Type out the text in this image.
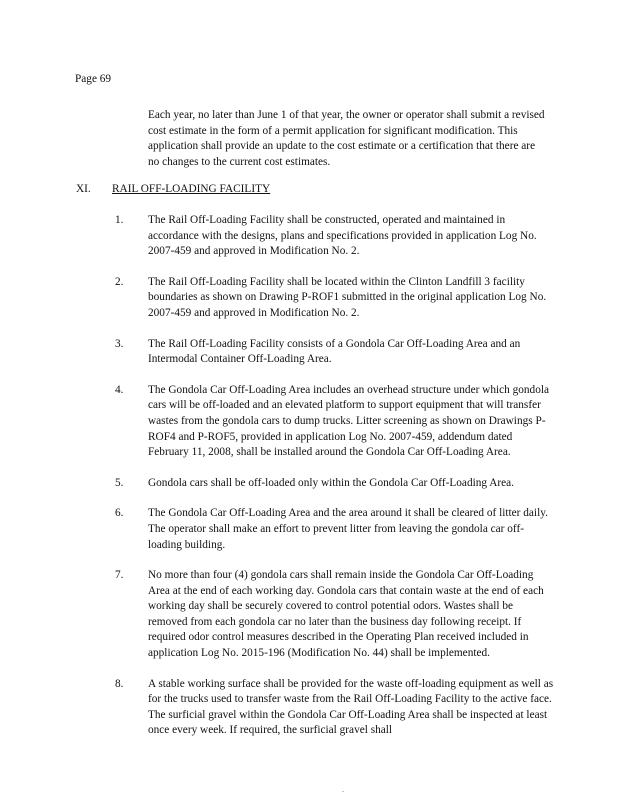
Page 69

Each year, no later than June 1 of that year, the owner or operator shall submit a revised cost estimate in the form of a permit application for significant modification. This application shall provide an update to the cost estimate or a certification that there are no changes to the current cost estimates.

XI. RAIL OFF-LOADING FACILITY
1. The Rail Off-Loading Facility shall be constructed, operated and maintained in accordance with the designs, plans and specifications provided in application Log No. 2007-459 and approved in Modification No. 2.
2. The Rail Off-Loading Facility shall be located within the Clinton Landfill 3 facility boundaries as shown on Drawing P-ROF1 submitted in the original application Log No. 2007-459 and approved in Modification No. 2.
3. The Rail Off-Loading Facility consists of a Gondola Car Off-Loading Area and an Intermodal Container Off-Loading Area.
4. The Gondola Car Off-Loading Area includes an overhead structure under which gondola cars will be off-loaded and an elevated platform to support equipment that will transfer wastes from the gondola cars to dump trucks. Litter screening as shown on Drawings P-ROF4 and P-ROF5, provided in application Log No. 2007-459, addendum dated February 11, 2008, shall be installed around the Gondola Car Off-Loading Area.
5. Gondola cars shall be off-loaded only within the Gondola Car Off-Loading Area.
6. The Gondola Car Off-Loading Area and the area around it shall be cleared of litter daily. The operator shall make an effort to prevent litter from leaving the gondola car off-loading building.
7. No more than four (4) gondola cars shall remain inside the Gondola Car Off-Loading Area at the end of each working day. Gondola cars that contain waste at the end of each working day shall be securely covered to control potential odors. Wastes shall be removed from each gondola car no later than the business day following receipt. If required odor control measures described in the Operating Plan received included in application Log No. 2015-196 (Modification No. 44) shall be implemented.
8. A stable working surface shall be provided for the waste off-loading equipment as well as for the trucks used to transfer waste from the Rail Off-Loading Facility to the active face. The surficial gravel within the Gondola Car Off-Loading Area shall be inspected at least once every week. If required, the surficial gravel shall
.
